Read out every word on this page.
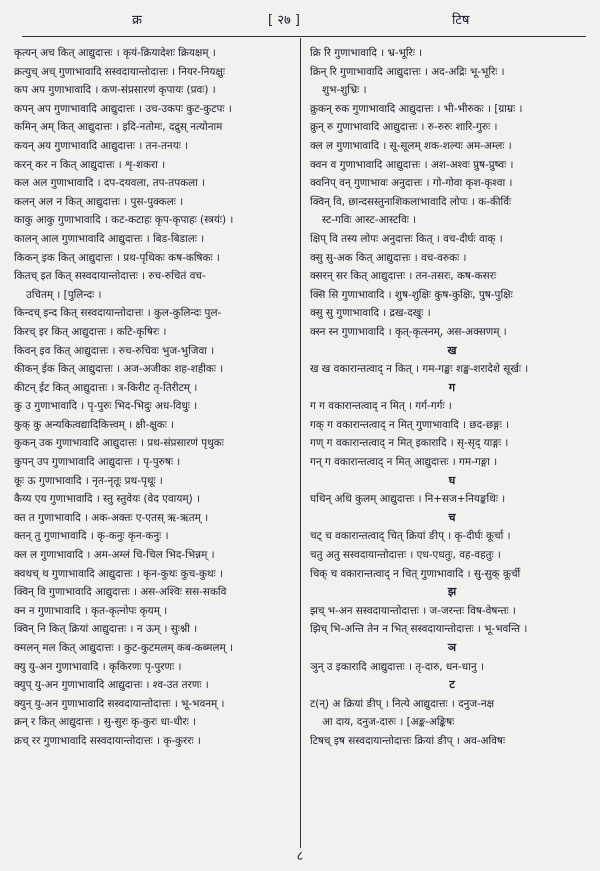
क्र	[ २७ ]	टिष
कृत्यन् अच कित् आद्युदात्तः । कृयं-क्रियादेशः क्रियक्षम् ।
क्रत्युच् अच् गुणाभावादि सस्वदायान्तोदात्तः । नियर-नियक्षुः
कप अप गुणाभावादि । कण-संप्रसारणं कृपायः (प्रवः) ।
कपन् अप गुणाभावादि आद्युदात्तः । उच-उकपः कुट-कुटपः ।
कमिन् अम् कित् आद्युदात्तः । इदि-नतोमः, दद्रुस् नत्योनाम
कयन् अय गुणाभावादि आद्युदात्तः । तन-तनयः ।
करन् कर न कित् आद्युदात्तः । शृ-शकरा ।
कल अल गुणाभावादि । दप-दयवला, तप-तपकला ।
कलन् अल न कित् आद्युदात्तः । पुस-पुक्कलः ।
काकु आकु गुणाभावादि । कट-कटाहः कृप-कृपाहः (स्त्रयंः) ।
कालन् आल गुणाभावादि आद्युदात्तः । बिड-बिडालः ।
किकन् इक कित् आद्युदात्तः । प्रथ-पृथिकः कष-कषिकः ।
कितच् इत कित् सस्वदायान्तोदात्तः । रुच-रुचितं वच-
उचितम् । [पुलिन्दः ।
किन्दच् इन्द कित् सस्वदायान्तोदात्तः । कुल-कुलिन्दः पुल-
किरच् इर कित् आद्युदात्तः । कटि-कृषिरः ।
किवन् इव कित् आद्युदात्तः । रुच-रुचिवः भुज-भुजिवा ।
कीकन् ईक कित् आद्युदात्तः । अज-अजीकः शह-शहीकः ।
कीटन् ईट कित् आद्युदात्तः । त्र-किरीट तृ-तिरीटम् ।
कु उ गुणाभावादि । पृ-पुरुः भिद-भिदुः अध-विधुः ।
कुक् कु अन्यकित्वद्यादिकित्त्वम् । क्षी-क्षुकः ।
कुकन् उक गुणाभावादि आद्युदात्तः । प्रथ-संप्रसारणं पृथुकः
कुपन् उप गुणाभावादि आद्युदात्तः । पृ-पुरुषः ।
कूः ऊ गुणाभावादि । नृत-नृतूः प्रथ-पृथूः ।
कैय्य एय गुणाभावादि । स्तु स्तुवेयः (वेद एवायम्) ।
क्त त गुणाभावादि । अक-अक्तः ए-एतस् ऋ-ऋतम् ।
क्तन् तु गुणाभावादि । कृ-कनुः कृन-कनुः ।
क्ल ल गुणाभावादि । अम-अम्लं चि-चिल भिद-भिन्नम् ।
क्वथच् थ गुणाभावादि आद्युदात्तः । कृन-कुथः कुच-कुथः ।
क्विन् वि गुणाभावादि आद्युदात्तः । अस-अश्विः सस-सकवि
क्न न गुणाभावादि । कृत-कृत्नोपः कृयम् ।
क्विन् नि कित् क्रियां आद्युदात्तः । न ऊम् । सुःश्नी ।
क्मलन् मल कित् आद्युदात्तः । कुट-कुटमलम् कब-कब्मलम् ।
क्यु यु-अन गुणाभावादि । कृकिरणः पृ-पुरणः ।
क्युप् यु-अन गुणाभावादि आद्युदात्तः । श्व-उत तरणः ।
क्युन् यु-अन गुणाभावादि सस्वदायान्तोदात्तः । भू-भवनम् ।
क्रन् र कित् आद्युदात्तः । सु-सुरः कृ-कुरः धा-धीरः ।
क्रच् रर गुणाभावादि सस्वदायान्तोदात्तः । कृ-कुररः ।
क्रि रि गुणाभावादि । भ्र-भूरिः ।
क्रिन् रि गुणाभावादि आद्युदात्तः । अद-अद्रिः भू-भूरिः ।
शुभ-शुभ्रिः ।
क्रुकन् रुक गुणाभावादि आद्युदात्तः । भी-भीरुकः । [ग्राम्रः ।
क्रुन् रु गुणाभावादि आद्युदात्तः । रु-रुरुः शारि-गुरुः ।
क्ल ल गुणाभावादि । सू-सूलम् शक-शल्यः अम-अम्लः ।
क्वन व गुणाभावादि आद्युदात्तः । अश-अश्वः प्रुष-प्रुष्वः ।
क्वनिप् वन् गुणाभावः अनुदात्तः । गो-गोवा कृश-कृश्वा ।
क्विन् वि, छान्दसस्तुनाशिकलाभावादि लोपः । क-कीर्विः
स्ट-गविः आस्ट-आस्टविः ।
क्षिप् वि तस्य लोपः अनुदात्तः कित् । वच-दीर्घः वाक् ।
क्सु सु-अक कित् आद्युदात्तः । वच-वरुकः ।
क्सरन् सर कित् आद्युदात्तः । तन-तसरः, कष-कसरः
क्सि सि गुणाभावादि । शुष-शुक्षिः कुष-कुक्षिः, पुष-पुक्षिः
क्सु सु गुणाभावादि । द्रख-दखुः ।
क्स्न स्न गुणाभावादि । कृत्-कृत्स्नम्, अस-अक्सणम् ।
ख
ख ख वकारान्तत्वाद् न कित् । गम-गङ्खः शङ्ख-शरादेशे सूर्खः ।
ग
ग ग वकारान्तत्वाद् न मित् । गर्ग-गर्गः ।
गक् ग वकारान्तत्वाद् न मित् गुणाभावादि । छद-छङ्गः ।
गण् ग वकारान्तत्वाद् न मित् इकारादि । सृ-सृद् याङ्गः ।
गन् ग वकारान्तत्वाद् न मित् आद्युदात्तः । गम-गङ्गा ।
घ
घथिन् अथि कुलम् आद्युदात्तः । नि+सज+नियङ्कथिः ।
च
चट् च वकारान्तत्वाद् चित् क्रियां ङीप् । कृ-दीर्घः कूर्चा ।
चतु अतु सस्वदायान्तोदात्तः । एध-एधतुः, वह-वहतुः ।
चिक् च वकारान्तत्वाद् न चित् गुणाभावादि । सु-सुक् कूर्ची
झ
झच् भ-अन सस्वदायान्तोदात्तः । ज-जरन्तः विष-वेषन्तः ।
झिच् भि-अन्ति तेन न भित् सस्वदायान्तोदात्तः । भू-भवन्ति ।
ञ
ञुन् उ इकारादि आद्युदात्तः । तृ-दारु, धन-धानु ।
ट
ट(न्) अ क्रियां ङीप् । नित्ये आद्युदात्तः । दनुज-नक्ष
आ दाय, दनुज-दारुः । [अङ्क-अङ्किषः
टिषच् इष सस्वदायान्तोदात्तः क्रियां ङीप् । अव-अविषः
८
